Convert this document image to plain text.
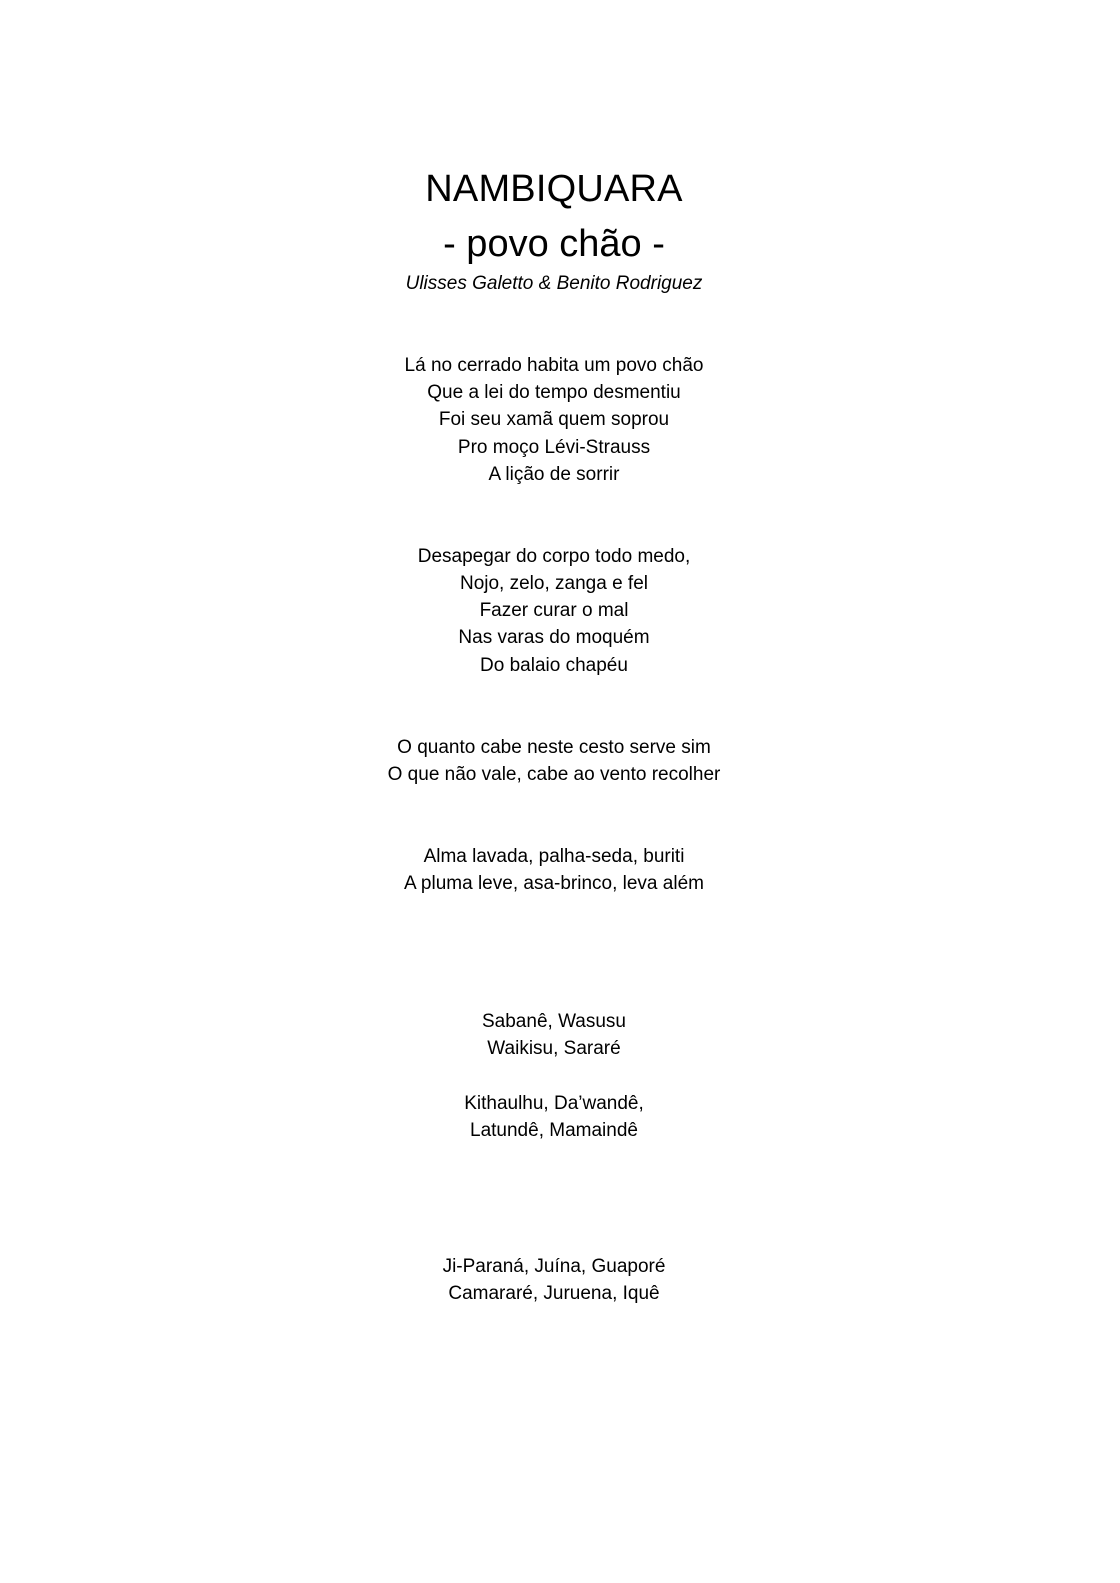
NAMBIQUARA
- povo chão -
Ulisses Galetto & Benito Rodriguez
Lá no cerrado habita um povo chão
Que a lei do tempo desmentiu
Foi seu xamã quem soprou
Pro moço Lévi-Strauss
A lição de sorrir
Desapegar do corpo todo medo,
Nojo, zelo, zanga e fel
Fazer curar o mal
Nas varas do moquém
Do balaio chapéu
O quanto cabe neste cesto serve sim
O que não vale, cabe ao vento recolher
Alma lavada, palha-seda, buriti
A pluma leve, asa-brinco, leva além
Sabanê, Wasusu
Waikisu, Sararé
Kithaulhu, Da’wandê,
Latundê, Mamaindê
Ji-Paraná, Juína, Guaporé
Camararé, Juruena, Iquê
